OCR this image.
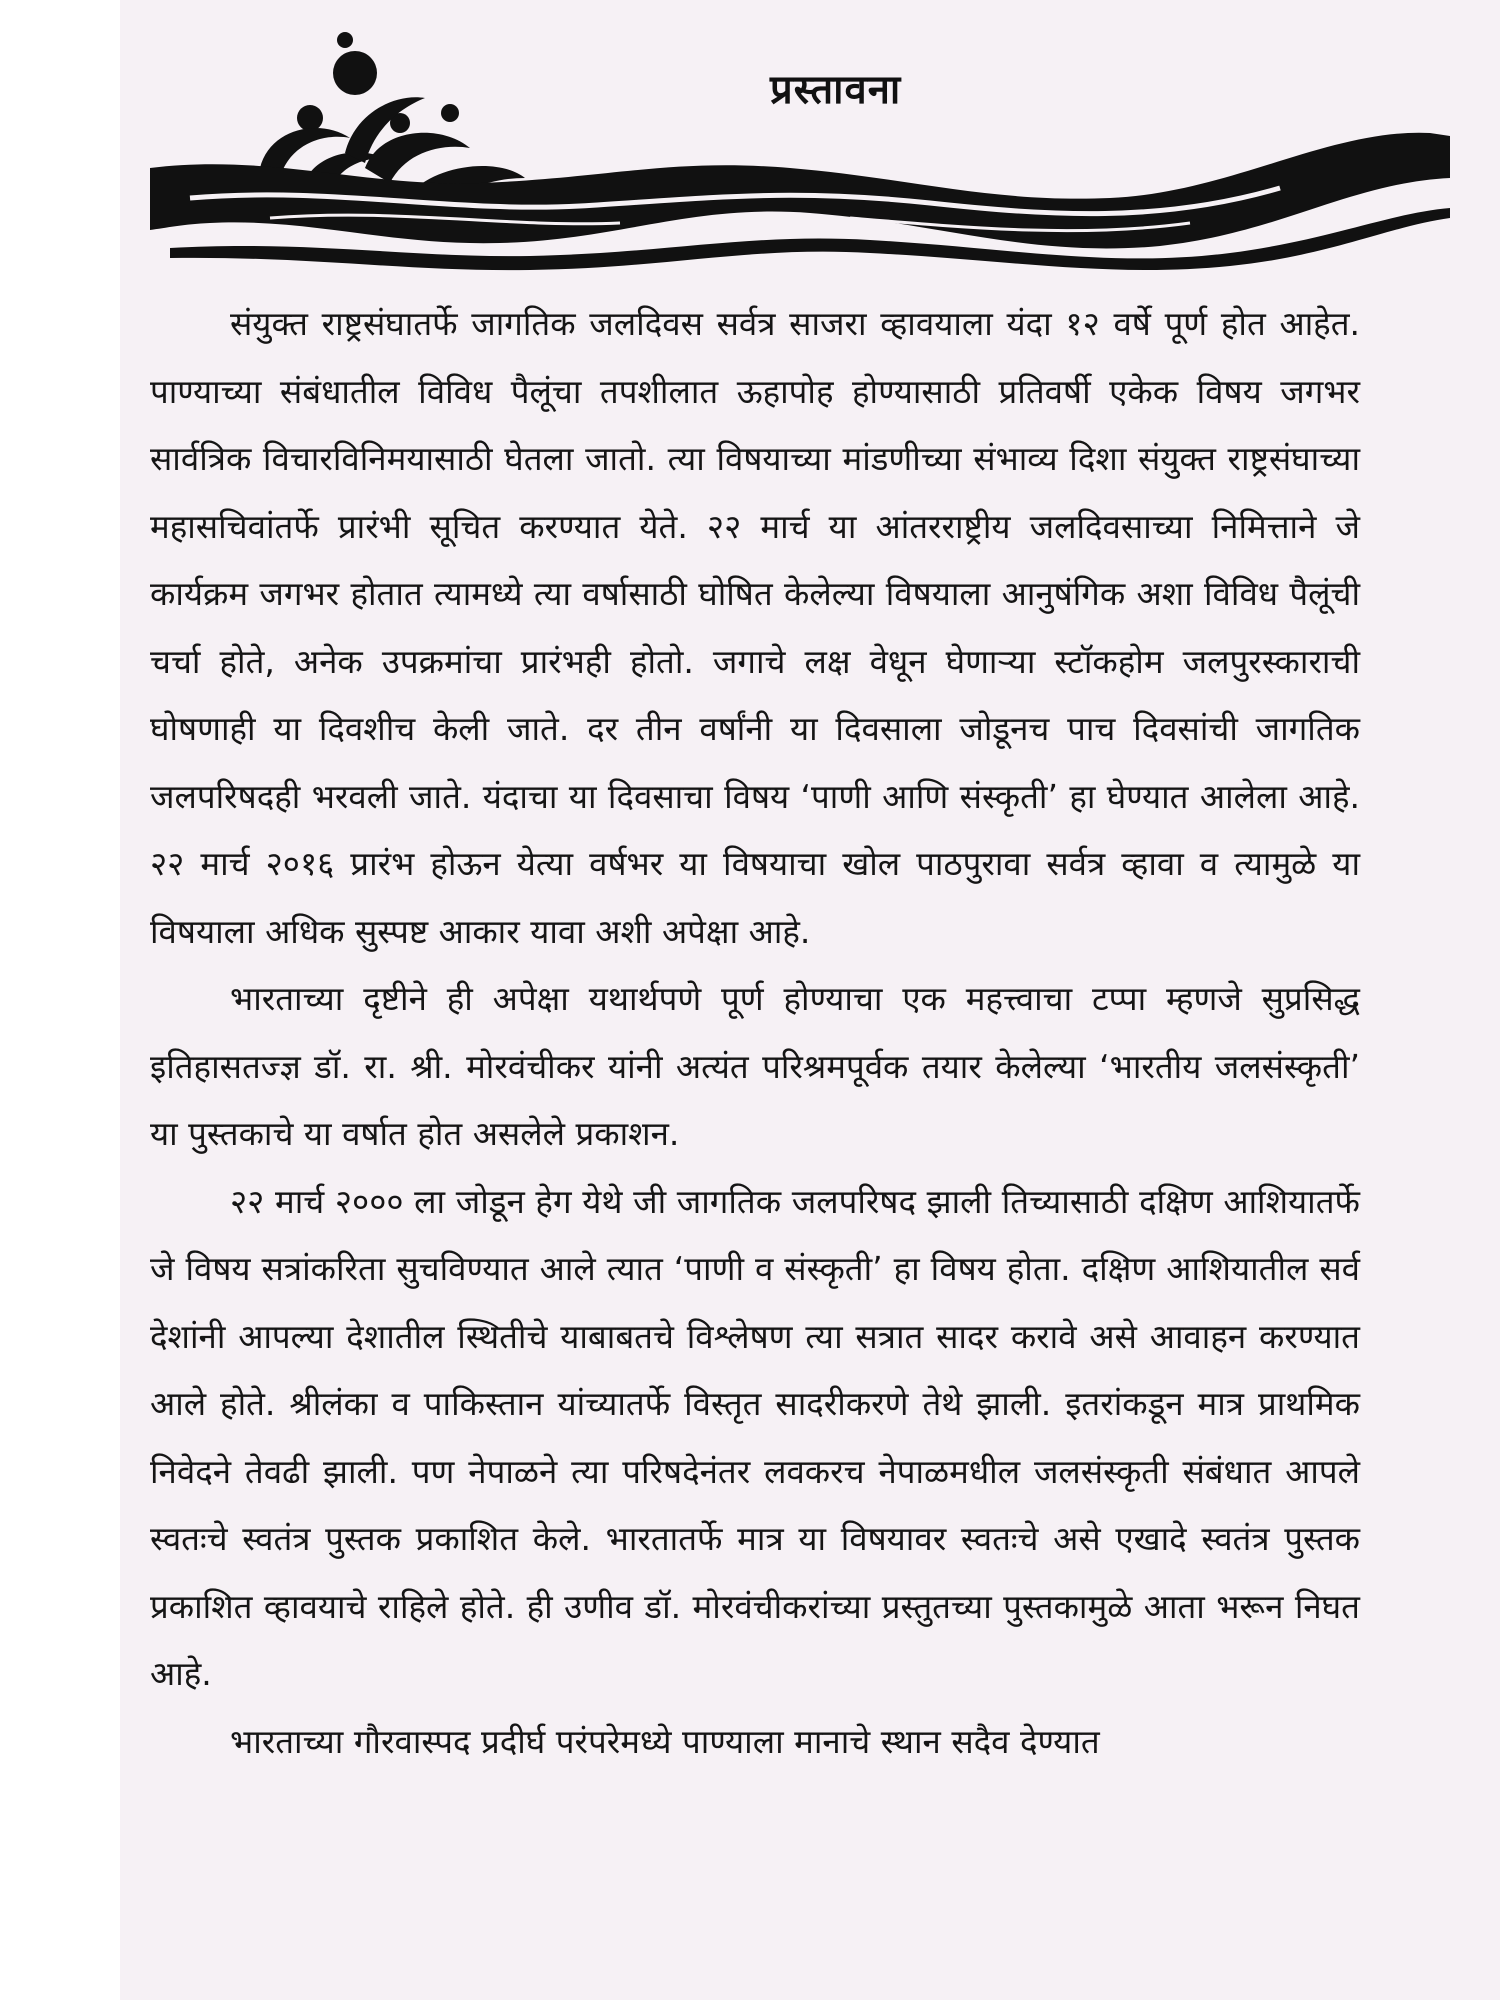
प्रस्तावना

संयुक्त राष्ट्रसंघातर्फे जागतिक जलदिवस सर्वत्र साजरा व्हावयाला यंदा १२ वर्षे पूर्ण होत आहेत. पाण्याच्या संबंधातील विविध पैलूंचा तपशीलात ऊहापोह होण्यासाठी प्रतिवर्षी एकेक विषय जगभर सार्वत्रिक विचारविनिमयासाठी घेतला जातो. त्या विषयाच्या मांडणीच्या संभाव्य दिशा संयुक्त राष्ट्रसंघाच्या महासचिवांतर्फे प्रारंभी सूचित करण्यात येते. २२ मार्च या आंतरराष्ट्रीय जलदिवसाच्या निमित्ताने जे कार्यक्रम जगभर होतात त्यामध्ये त्या वर्षासाठी घोषित केलेल्या विषयाला आनुषंगिक अशा विविध पैलूंची चर्चा होते, अनेक उपक्रमांचा प्रारंभही होतो. जगाचे लक्ष वेधून घेणाऱ्या स्टॉकहोम जलपुरस्काराची घोषणाही या दिवशीच केली जाते. दर तीन वर्षांनी या दिवसाला जोडूनच पाच दिवसांची जागतिक जलपरिषदही भरवली जाते. यंदाचा या दिवसाचा विषय ‘पाणी आणि संस्कृती’ हा घेण्यात आलेला आहे. २२ मार्च २०१६ प्रारंभ होऊन येत्या वर्षभर या विषयाचा खोल पाठपुरावा सर्वत्र व्हावा व त्यामुळे या विषयाला अधिक सुस्पष्ट आकार यावा अशी अपेक्षा आहे.

भारताच्या दृष्टीने ही अपेक्षा यथार्थपणे पूर्ण होण्याचा एक महत्त्वाचा टप्पा म्हणजे सुप्रसिद्ध इतिहासतज्ज्ञ डॉ. रा. श्री. मोरवंचीकर यांनी अत्यंत परिश्रमपूर्वक तयार केलेल्या ‘भारतीय जलसंस्कृती’ या पुस्तकाचे या वर्षात होत असलेले प्रकाशन.

२२ मार्च २००० ला जोडून हेग येथे जी जागतिक जलपरिषद झाली तिच्यासाठी दक्षिण आशियातर्फे जे विषय सत्रांकरिता सुचविण्यात आले त्यात ‘पाणी व संस्कृती’ हा विषय होता. दक्षिण आशियातील सर्व देशांनी आपल्या देशातील स्थितीचे याबाबतचे विश्लेषण त्या सत्रात सादर करावे असे आवाहन करण्यात आले होते. श्रीलंका व पाकिस्तान यांच्यातर्फे विस्तृत सादरीकरणे तेथे झाली. इतरांकडून मात्र प्राथमिक निवेदने तेवढी झाली. पण नेपाळने त्या परिषदेनंतर लवकरच नेपाळमधील जलसंस्कृती संबंधात आपले स्वतःचे स्वतंत्र पुस्तक प्रकाशित केले. भारतातर्फे मात्र या विषयावर स्वतःचे असे एखादे स्वतंत्र पुस्तक प्रकाशित व्हावयाचे राहिले होते. ही उणीव डॉ. मोरवंचीकरांच्या प्रस्तुतच्या पुस्तकामुळे आता भरून निघत आहे.

भारताच्या गौरवास्पद प्रदीर्घ परंपरेमध्ये पाण्याला मानाचे स्थान सदैव देण्यात
